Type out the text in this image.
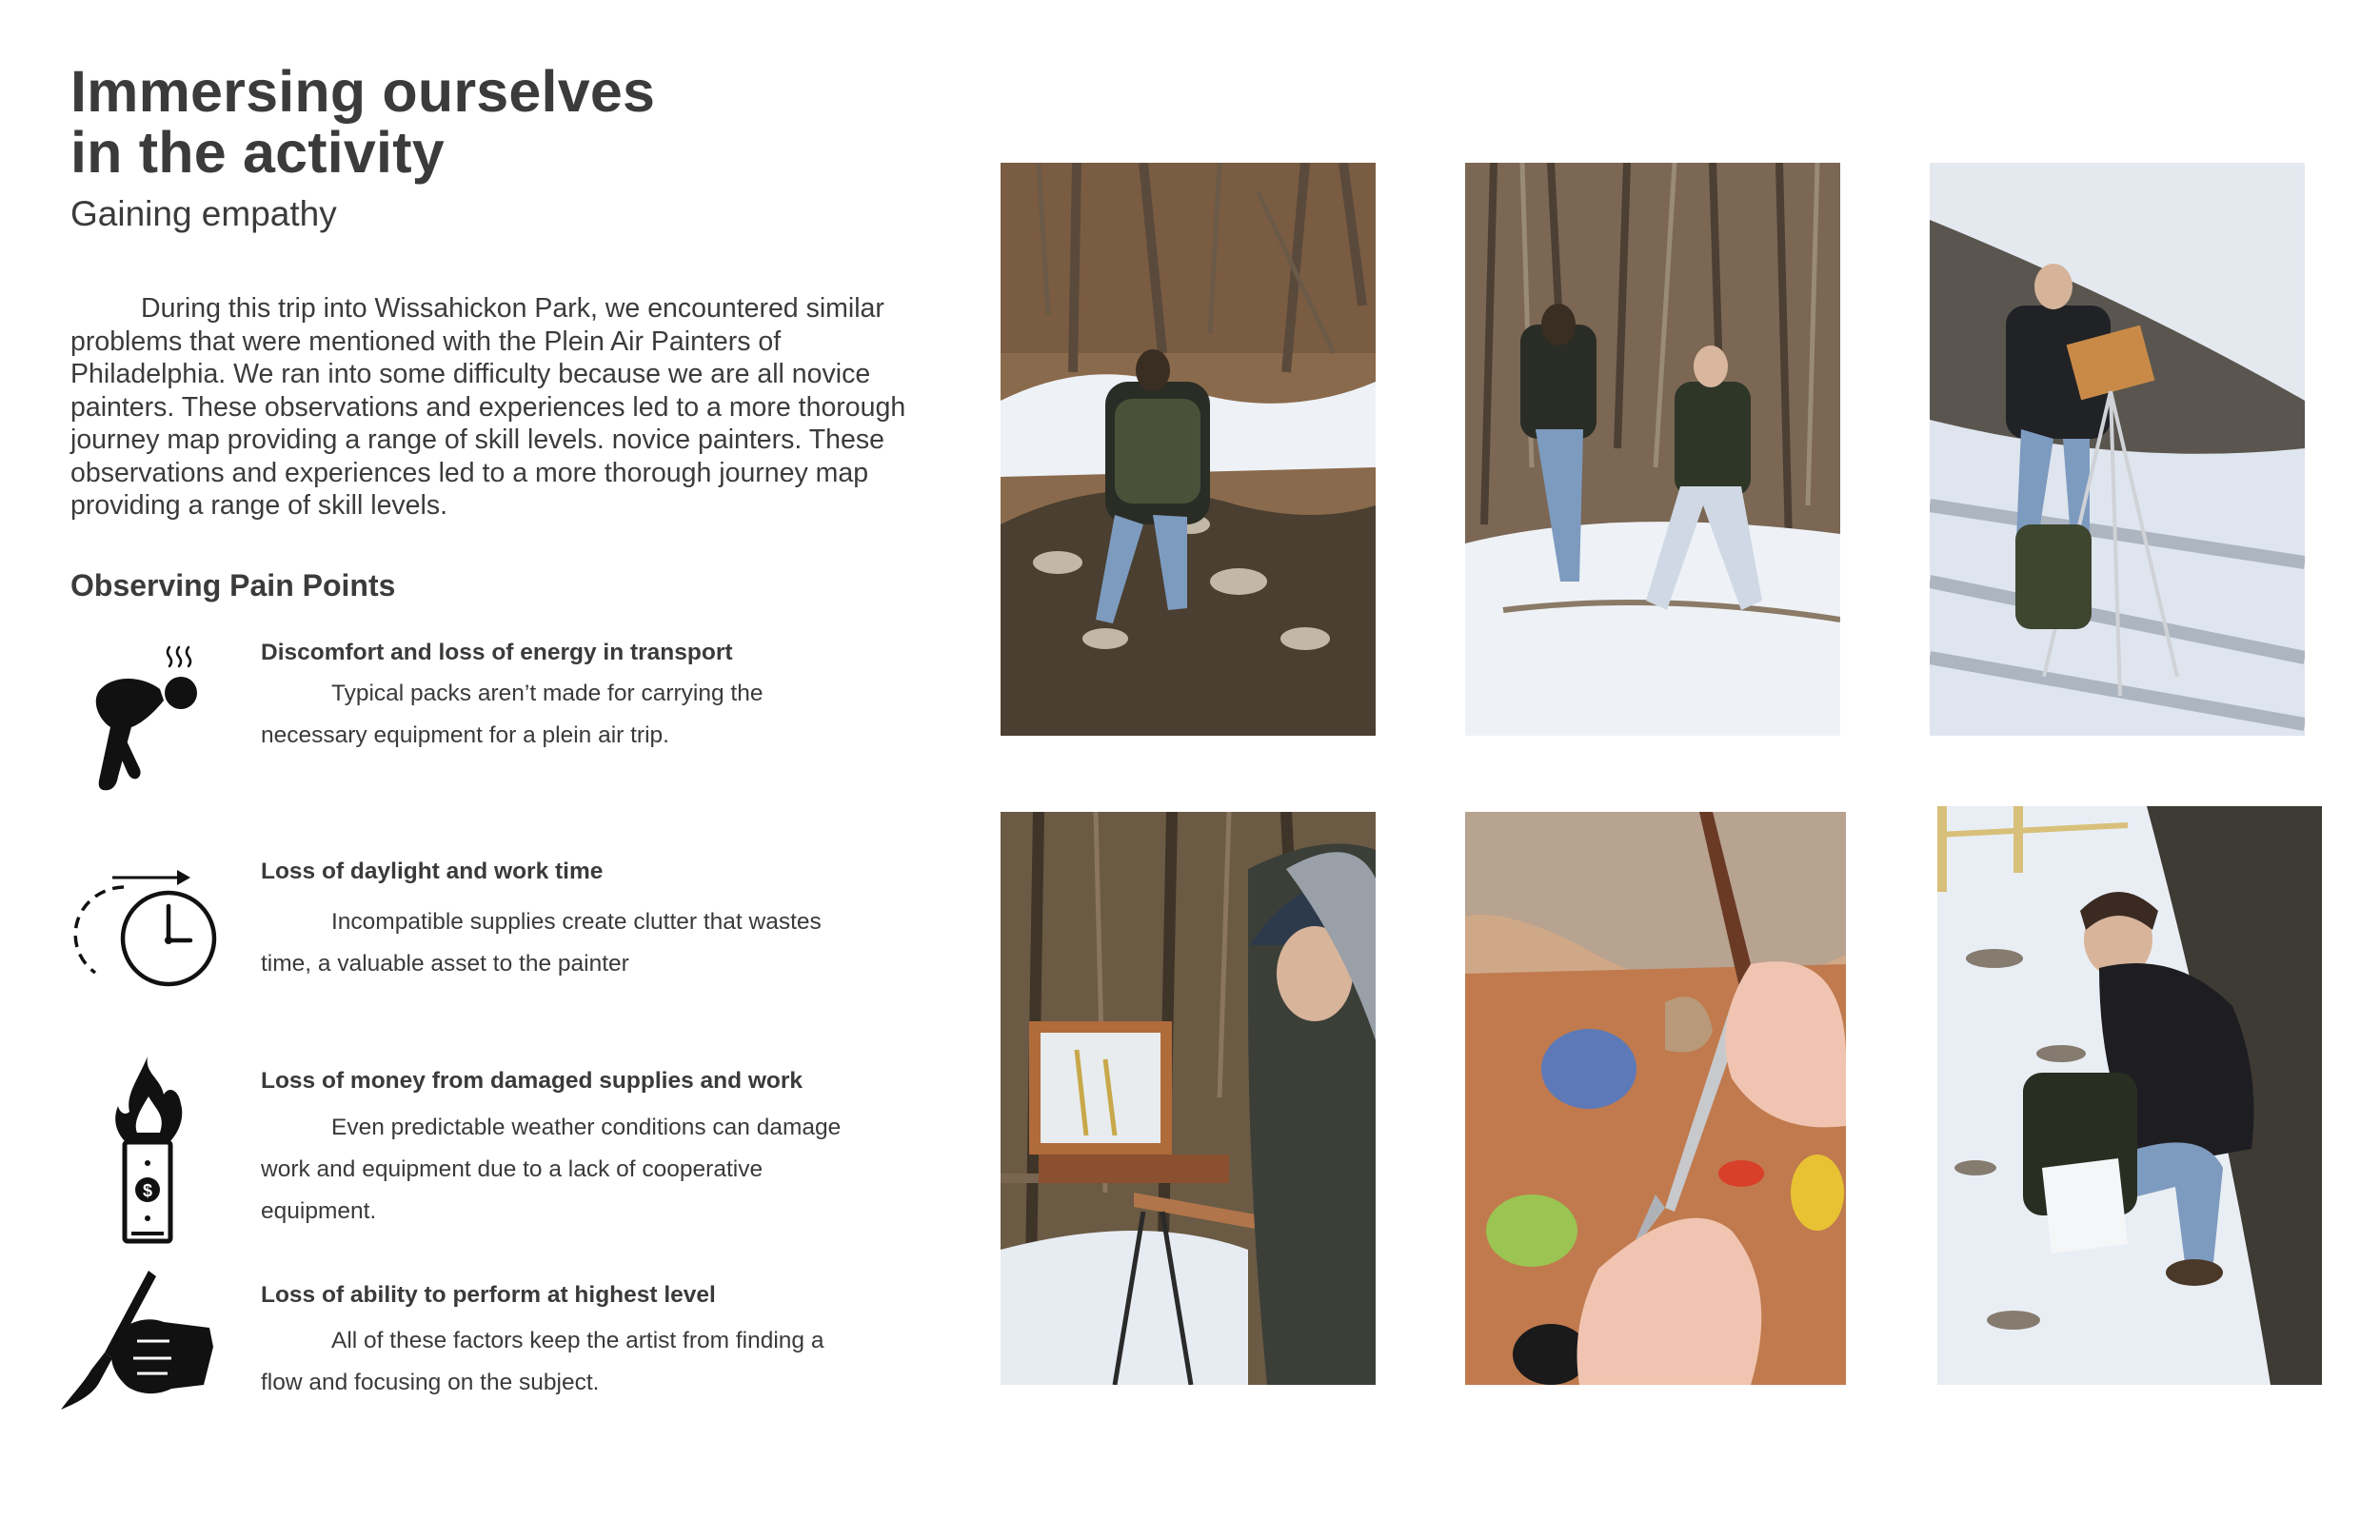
Immersing ourselves
in the activity
Gaining empathy

During this trip into Wissahickon Park, we encountered similar problems that were mentioned with the Plein Air Painters of Philadelphia. We ran into some difficulty because we are all novice painters. These observations and experiences led to a more thorough journey map providing a range of skill levels. novice painters. These observations and experiences led to a more thorough journey map providing a range of skill levels.

Observing Pain Points

Discomfort and loss of energy in transport

Typical packs aren’t made for carrying the necessary equipment for a plein air trip.

Loss of daylight and work time

Incompatible supplies create clutter that wastes time, a valuable asset to the painter

$

Loss of money from damaged supplies and work

Even predictable weather conditions can damage work and equipment due to a lack of cooperative equipment.

Loss of ability to perform at highest level

All of these factors keep the artist from finding a flow and focusing on the subject.
